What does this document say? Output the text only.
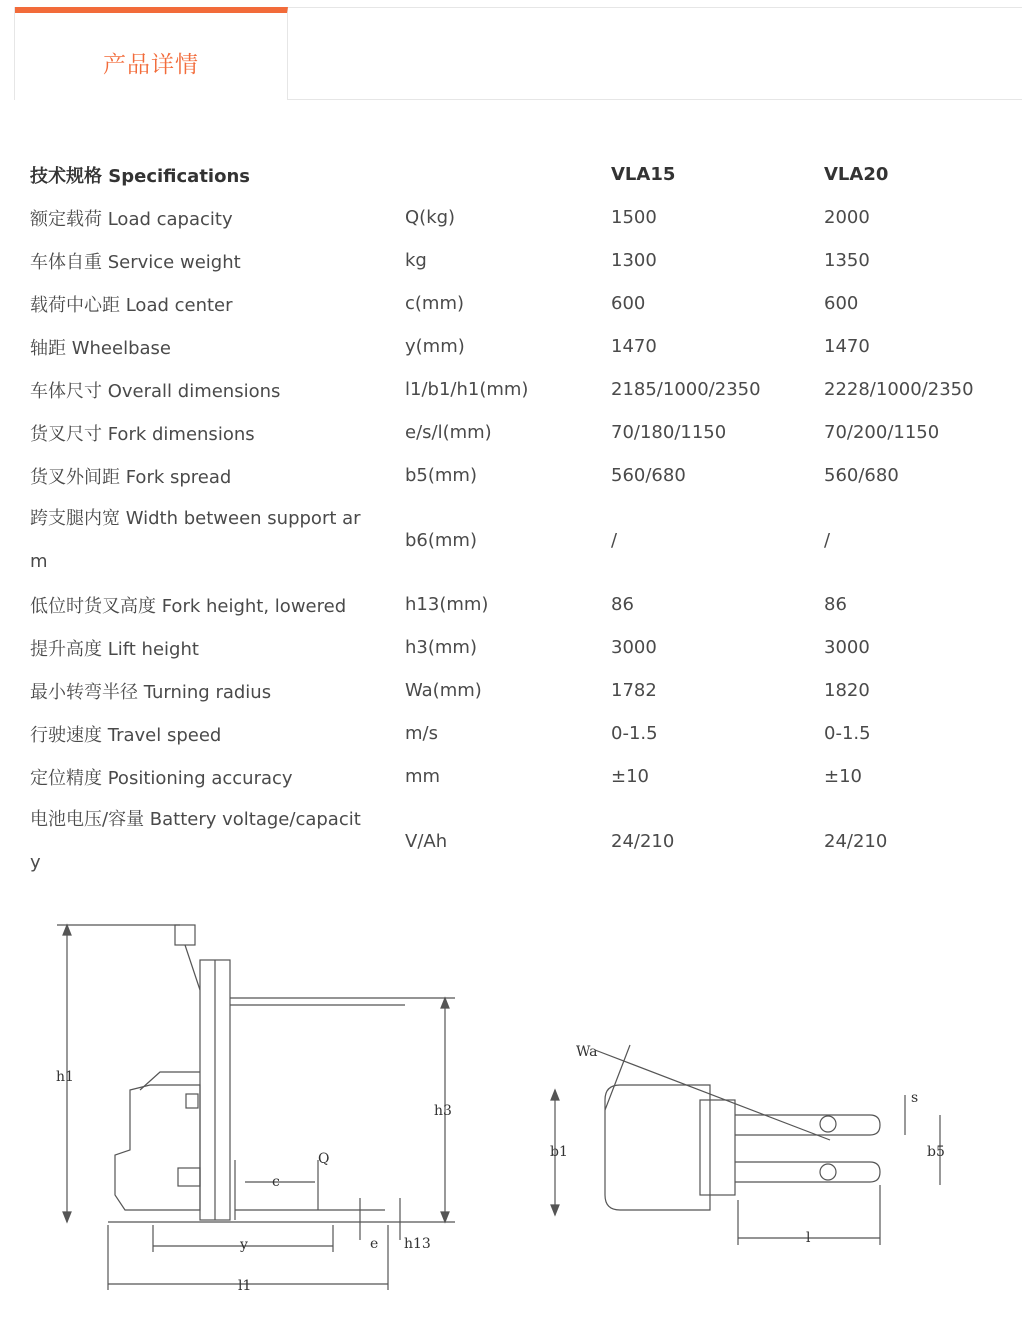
产品详情
技术规格 Specifications		VLA15	VLA20
额定载荷 Load capacity	Q(kg)	1500	2000
车体自重 Service weight	kg	1300	1350
载荷中心距 Load center	c(mm)	600	600
轴距 Wheelbase	y(mm)	1470	1470
车体尺寸 Overall dimensions	l1/b1/h1(mm)	2185/1000/2350	2228/1000/2350
货叉尺寸 Fork dimensions	e/s/l(mm)	70/180/1150	70/200/1150
货叉外间距 Fork spread	b5(mm)	560/680	560/680

跨支腿内宽 Width between support arm	b6(mm)	/	/
低位时货叉高度 Fork height, lowered	h13(mm)	86	86
提升高度 Lift height	h3(mm)	3000	3000
最小转弯半径 Turning radius	Wa(mm)	1782	1820
行驶速度 Travel speed	m/s	0-1.5	0-1.5
定位精度 Positioning accuracy	mm	±10	±10

电池电压/容量 Battery voltage/capacity	V/Ah	24/210	24/210
h1
h3
c
Q
y
l1
e h13
Wa
b1
s
b5
l
